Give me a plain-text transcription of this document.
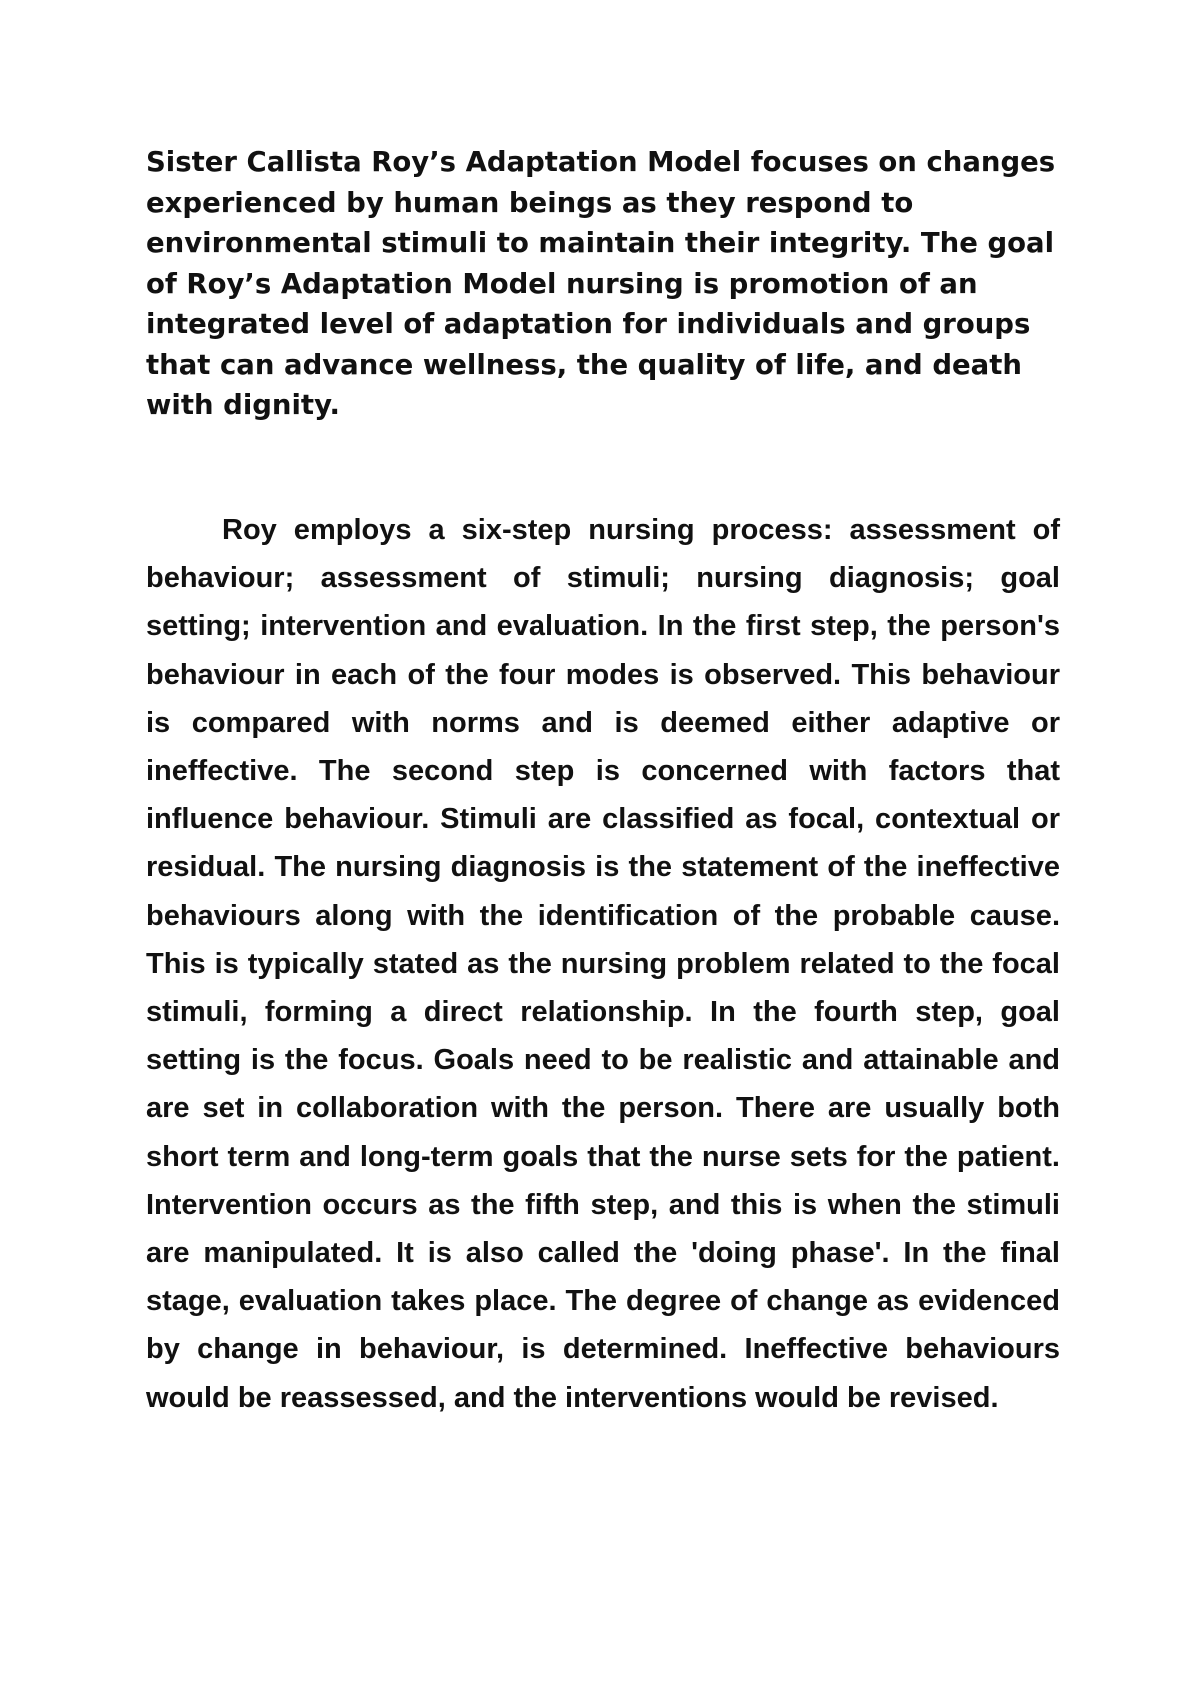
Sister Callista Roy’s Adaptation Model focuses on changes experienced by human beings as they respond to environmental stimuli to maintain their integrity. The goal of Roy’s Adaptation Model nursing is promotion of an integrated level of adaptation for individuals and groups that can advance wellness, the quality of life, and death with dignity.

Roy employs a six-step nursing process: assessment of behaviour; assessment of stimuli; nursing diagnosis; goal setting; intervention and evaluation. In the first step, the person's behaviour in each of the four modes is observed. This behaviour is compared with norms and is deemed either adaptive or ineffective. The second step is concerned with factors that influence behaviour. Stimuli are classified as focal, contextual or residual. The nursing diagnosis is the statement of the ineffective behaviours along with the identification of the probable cause. This is typically stated as the nursing problem related to the focal stimuli, forming a direct relationship. In the fourth step, goal setting is the focus. Goals need to be realistic and attainable and are set in collaboration with the person. There are usually both short term and long-term goals that the nurse sets for the patient. Intervention occurs as the fifth step, and this is when the stimuli are manipulated. It is also called the 'doing phase'. In the final stage, evaluation takes place. The degree of change as evidenced by change in behaviour, is determined. Ineffective behaviours would be reassessed, and the interventions would be revised.
